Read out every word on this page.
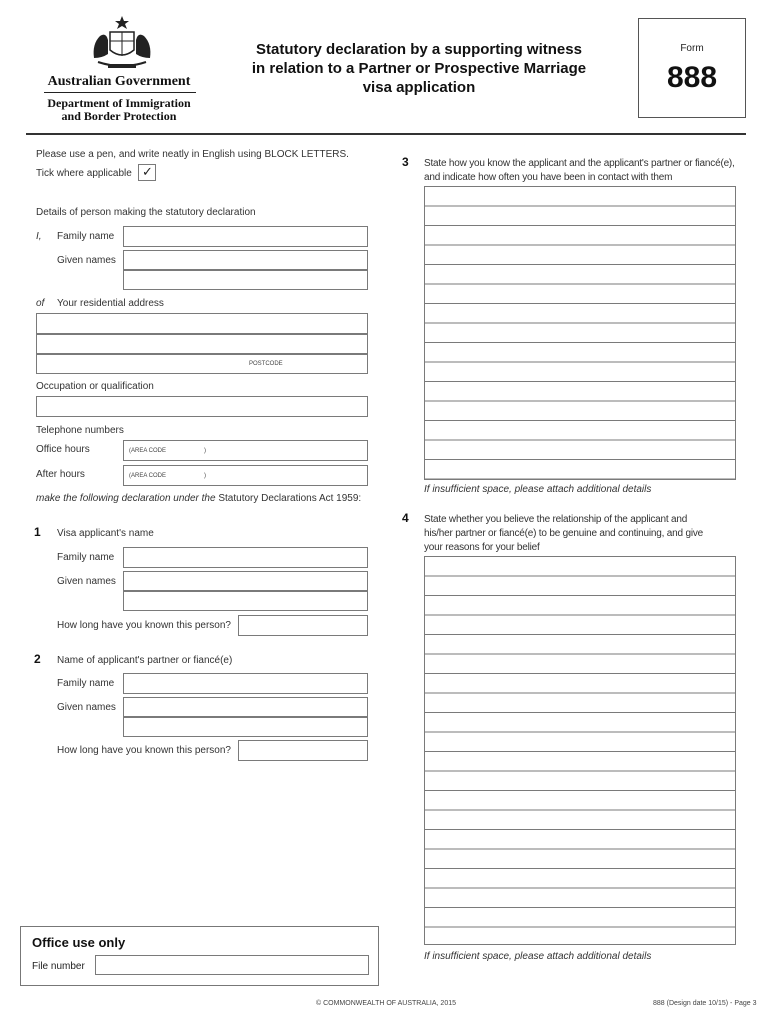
Australian Government
Department of Immigration
and Border Protection
Statutory declaration by a supporting witness
in relation to a Partner or Prospective Marriage
visa application
Form
888
Please use a pen, and write neatly in English using BLOCK LETTERS.
Tick where applicable ✓
Details of person making the statutory declaration
I, Family name
Given names
of Your residential address
POSTCODE
Occupation or qualification
Telephone numbers
Office hours	(AREA CODE	)
After hours	(AREA CODE	)
make the following declaration under the Statutory Declarations Act 1959:
1 Visa applicant's name
Family name
Given names
How long have you known this person?
2 Name of applicant's partner or fiancé(e)
Family name
Given names
How long have you known this person?
Office use only
File number
3 State how you know the applicant and the applicant's partner or fiancé(e),
and indicate how often you have been in contact with them
If insufficient space, please attach additional details
4 State whether you believe the relationship of the applicant and
his/her partner or fiancé(e) to be genuine and continuing, and give
your reasons for your belief
If insufficient space, please attach additional details
© COMMONWEALTH OF AUSTRALIA, 2015	888 (Design date 10/15) - Page 3
